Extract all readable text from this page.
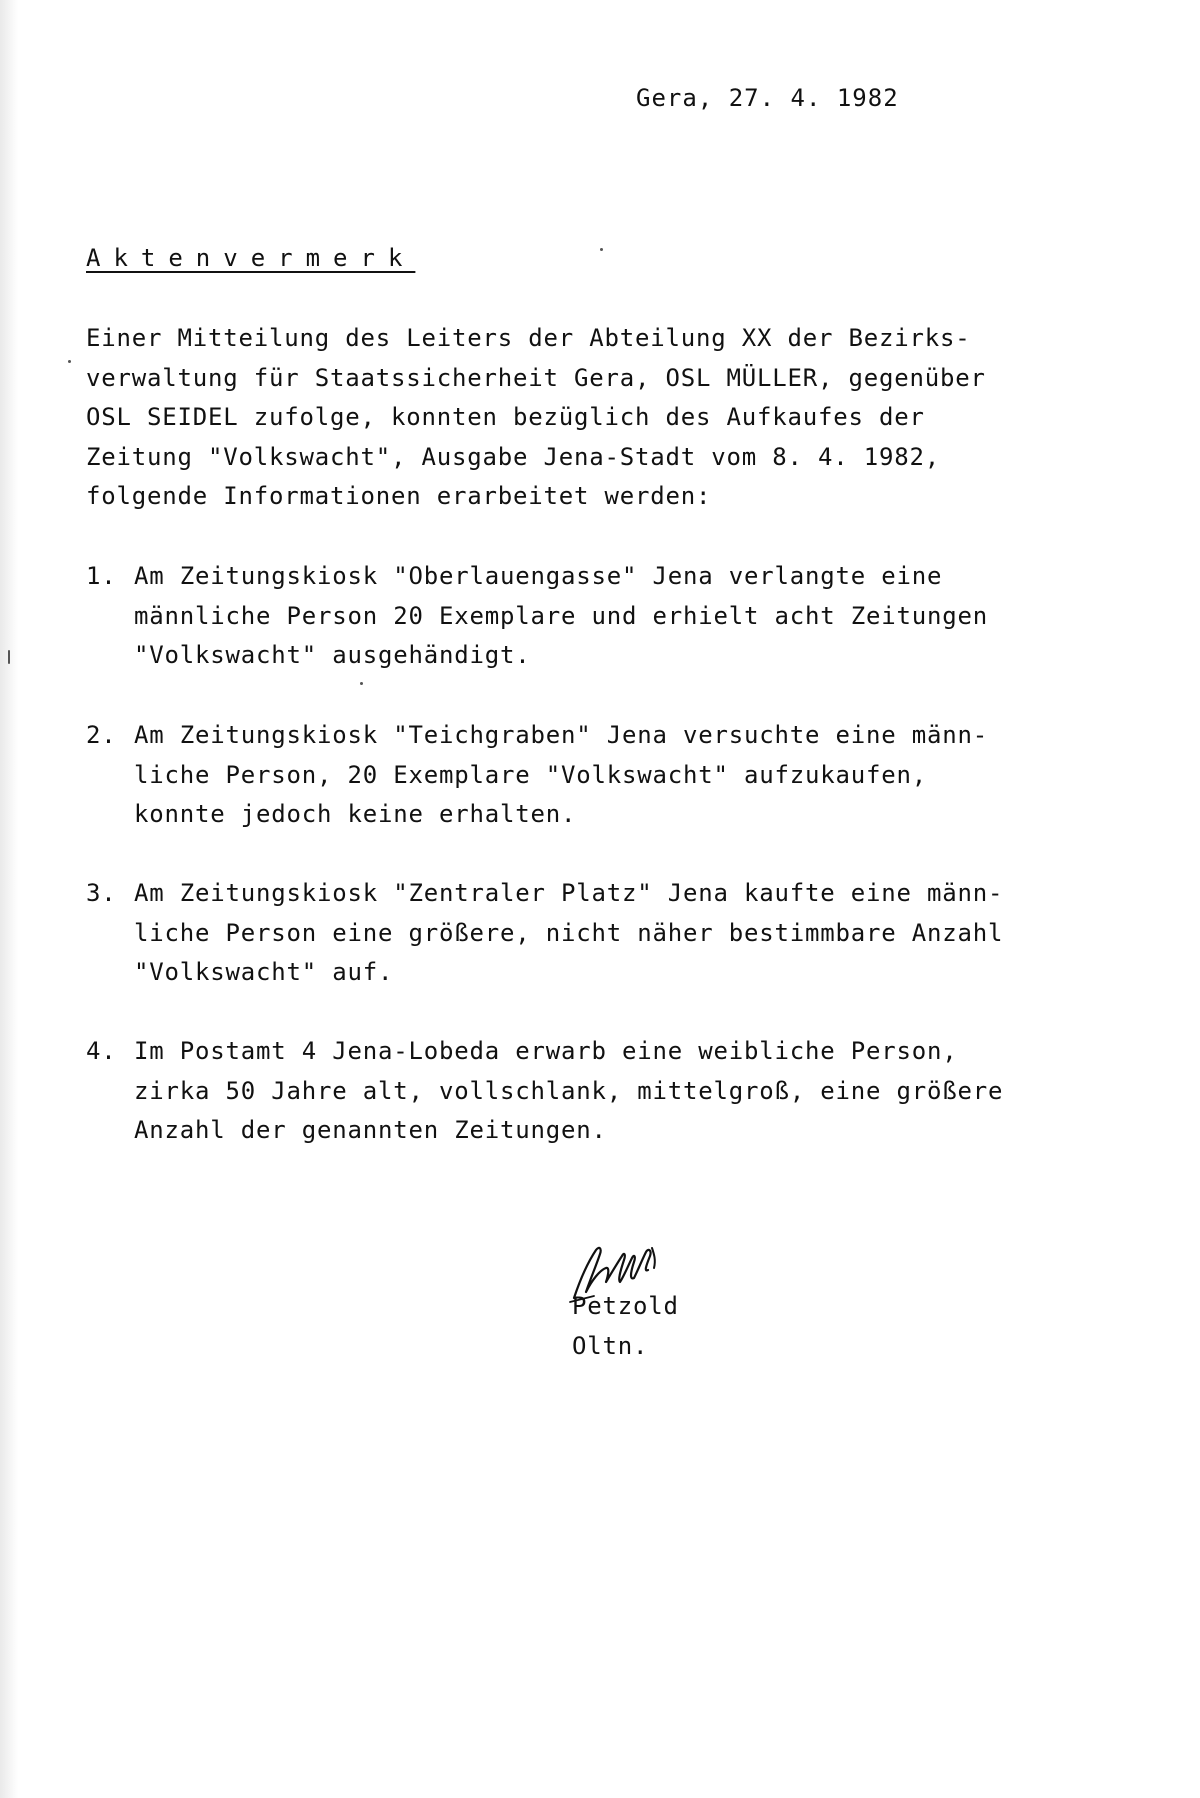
Gera, 27. 4. 1982
Aktenvermerk
Einer Mitteilung des Leiters der Abteilung XX der Bezirks-
verwaltung für Staatssicherheit Gera, OSL MÜLLER, gegenüber
OSL SEIDEL zufolge, konnten bezüglich des Aufkaufes der
Zeitung "Volkswacht", Ausgabe Jena-Stadt vom 8. 4. 1982,
folgende Informationen erarbeitet werden:
1. Am Zeitungskiosk "Oberlauengasse" Jena verlangte eine
männliche Person 20 Exemplare und erhielt acht Zeitungen
"Volkswacht" ausgehändigt.
2. Am Zeitungskiosk "Teichgraben" Jena versuchte eine männ-
liche Person, 20 Exemplare "Volkswacht" aufzukaufen,
konnte jedoch keine erhalten.
3. Am Zeitungskiosk "Zentraler Platz" Jena kaufte eine männ-
liche Person eine größere, nicht näher bestimmbare Anzahl
"Volkswacht" auf.
4. Im Postamt 4 Jena-Lobeda erwarb eine weibliche Person,
zirka 50 Jahre alt, vollschlank, mittelgroß, eine größere
Anzahl der genannten Zeitungen.
Petzold
Oltn.
